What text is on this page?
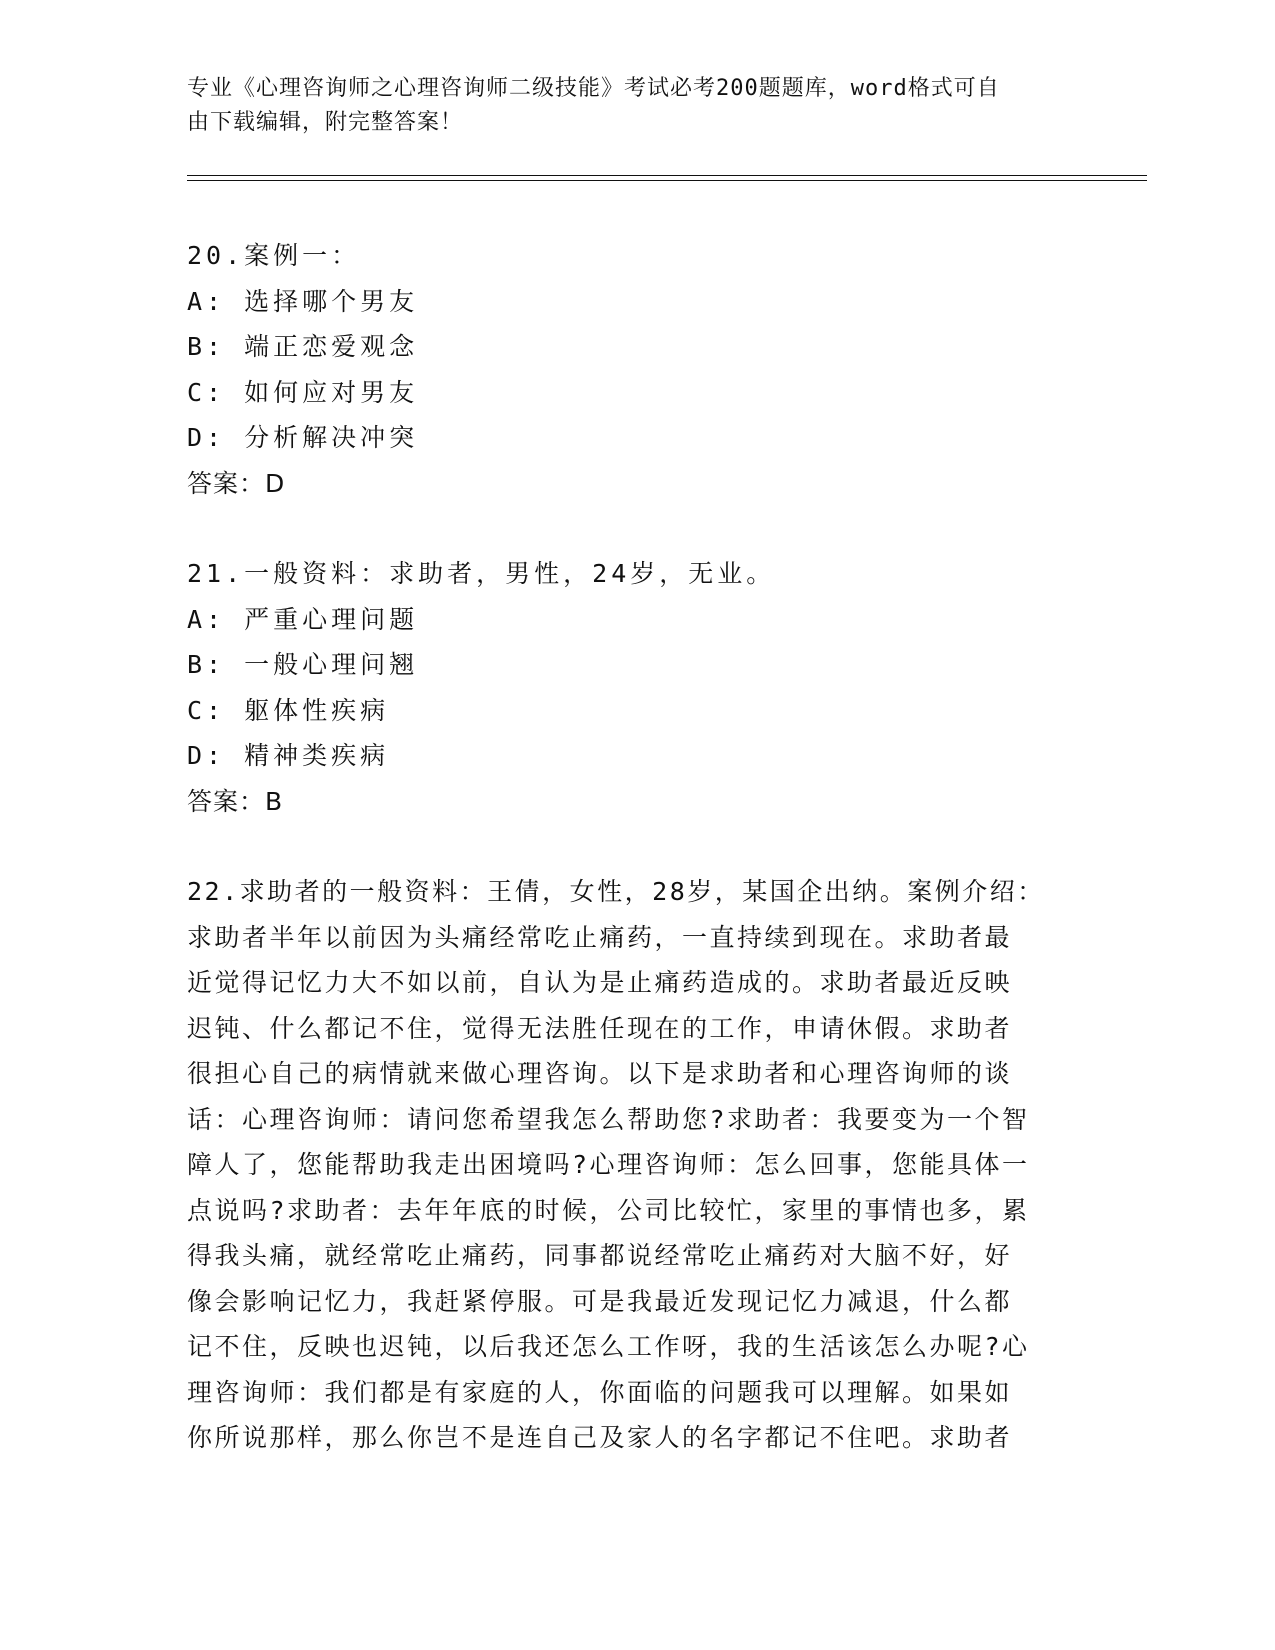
专业《心理咨询师之心理咨询师二级技能》考试必考200题题库，word格式可自
由下载编辑，附完整答案！
20.案例一：
A: 选择哪个男友
B: 端正恋爱观念
C: 如何应对男友
D: 分析解决冲突
答案：D
21.一般资料：求助者，男性，24岁，无业。
A: 严重心理问题
B: 一般心理问翘
C: 躯体性疾病
D: 精神类疾病
答案：B
22.求助者的一般资料：王倩，女性，28岁，某国企出纳。案例介绍：
求助者半年以前因为头痛经常吃止痛药，一直持续到现在。求助者最
近觉得记忆力大不如以前，自认为是止痛药造成的。求助者最近反映
迟钝、什么都记不住，觉得无法胜任现在的工作，申请休假。求助者
很担心自己的病情就来做心理咨询。以下是求助者和心理咨询师的谈
话：心理咨询师：请问您希望我怎么帮助您?求助者：我要变为一个智
障人了，您能帮助我走出困境吗?心理咨询师：怎么回事，您能具体一
点说吗?求助者：去年年底的时候，公司比较忙，家里的事情也多，累
得我头痛，就经常吃止痛药，同事都说经常吃止痛药对大脑不好，好
像会影响记忆力，我赶紧停服。可是我最近发现记忆力减退，什么都
记不住，反映也迟钝，以后我还怎么工作呀，我的生活该怎么办呢?心
理咨询师：我们都是有家庭的人，你面临的问题我可以理解。如果如
你所说那样，那么你岂不是连自己及家人的名字都记不住吧。求助者
